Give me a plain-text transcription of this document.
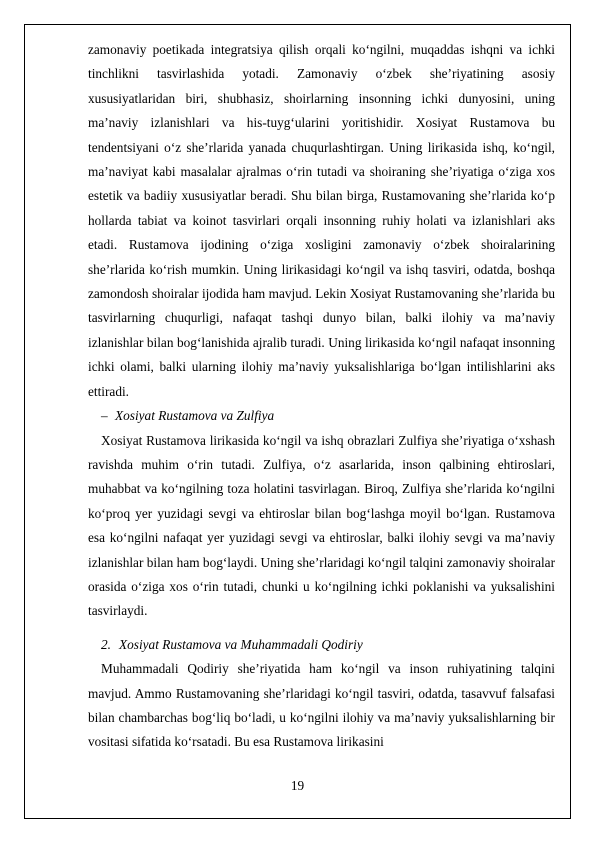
zamonaviy poetikada integratsiya qilish orqali ko‘ngilni, muqaddas ishqni va ichki tinchlikni tasvirlashida yotadi. Zamonaviy o‘zbek she’riyatining asosiy xususiyatlaridan biri, shubhasiz, shoirlarning insonning ichki dunyosini, uning ma’naviy izlanishlari va his-tuyg‘ularini yoritishidir. Xosiyat Rustamova bu tendentsiyani o‘z she’rlarida yanada chuqurlashtirgan. Uning lirikasida ishq, ko‘ngil, ma’naviyat kabi masalalar ajralmas o‘rin tutadi va shoiraning she’riyatiga o‘ziga xos estetik va badiiy xususiyatlar beradi. Shu bilan birga, Rustamovaning she’rlarida ko‘p hollarda tabiat va koinot tasvirlari orqali insonning ruhiy holati va izlanishlari aks etadi. Rustamova ijodining o‘ziga xosligini zamonaviy o‘zbek shoiralarining she’rlarida ko‘rish mumkin. Uning lirikasidagi ko‘ngil va ishq tasviri, odatda, boshqa zamondosh shoiralar ijodida ham mavjud. Lekin Xosiyat Rustamovaning she’rlarida bu tasvirlarning chuqurligi, nafaqat tashqi dunyo bilan, balki ilohiy va ma’naviy izlanishlar bilan bog‘lanishida ajralib turadi. Uning lirikasida ko‘ngil nafaqat insonning ichki olami, balki ularning ilohiy ma’naviy yuksalishlariga bo‘lgan intilishlarini aks ettiradi.

– Xosiyat Rustamova va Zulfiya

Xosiyat Rustamova lirikasida ko‘ngil va ishq obrazlari Zulfiya she’riyatiga o‘xshash ravishda muhim o‘rin tutadi. Zulfiya, o‘z asarlarida, inson qalbining ehtiroslari, muhabbat va ko‘ngilning toza holatini tasvirlagan. Biroq, Zulfiya she’rlarida ko‘ngilni ko‘proq yer yuzidagi sevgi va ehtiroslar bilan bog‘lashga moyil bo‘lgan. Rustamova esa ko‘ngilni nafaqat yer yuzidagi sevgi va ehtiroslar, balki ilohiy sevgi va ma’naviy izlanishlar bilan ham bog‘laydi. Uning she’rlaridagi ko‘ngil talqini zamonaviy shoiralar orasida o‘ziga xos o‘rin tutadi, chunki u ko‘ngilning ichki poklanishi va yuksalishini tasvirlaydi.

2. Xosiyat Rustamova va Muhammadali Qodiriy

Muhammadali Qodiriy she’riyatida ham ko‘ngil va inson ruhiyatining talqini mavjud. Ammo Rustamovaning she’rlaridagi ko‘ngil tasviri, odatda, tasavvuf falsafasi bilan chambarchas bog‘liq bo‘ladi, u ko‘ngilni ilohiy va ma’naviy yuksalishlarning bir vositasi sifatida ko‘rsatadi. Bu esa Rustamova lirikasini

19
